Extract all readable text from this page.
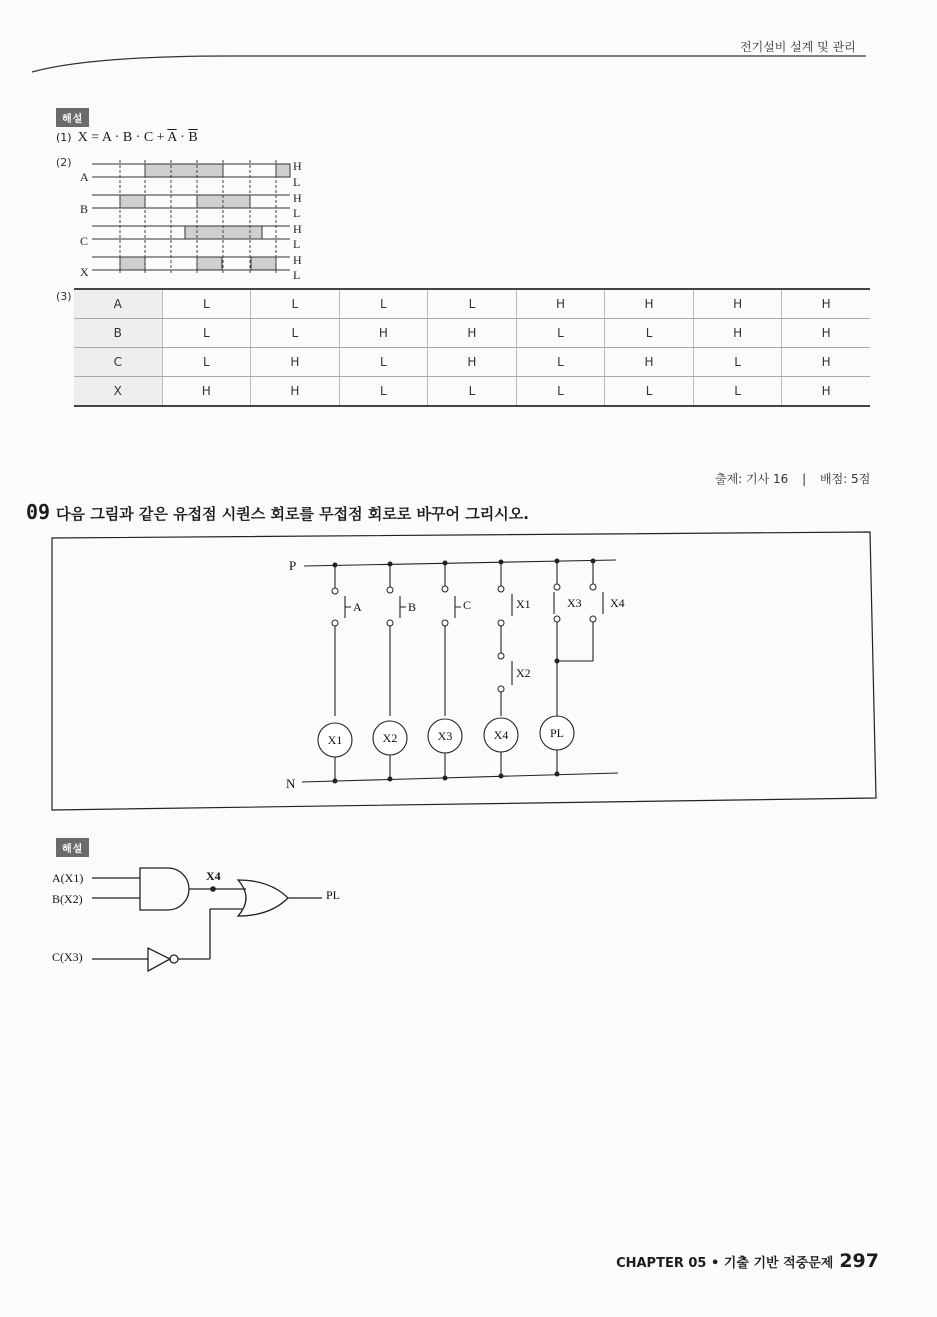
전기설비 설계 및 관리
해설
(1) $X = A \cdot B \cdot C + \overline{A} \cdot \overline{B}$
(2)
A
B
C
X
H
L
H
L
H
L
H
L
(3)
A	L	L	L	L	H	H	H	H
B	L	L	H	H	L	L	H	H
C	L	H	L	H	L	H	L	H
X	H	H	L	L	L	L	L	H
출제: 기사 16 | 배점: 5점
09 다음 그림과 같은 유접점 시퀀스 회로를 무접점 회로로 바꾸어 그리시오.
P
N
A	B	C	X1
X2
X3 X4
X1	X2	X3	X4	PL
해설
A(X1)
B(X2)
C(X3)
X4
PL
CHAPTER 05 • 기출 기반 적중문제 297
